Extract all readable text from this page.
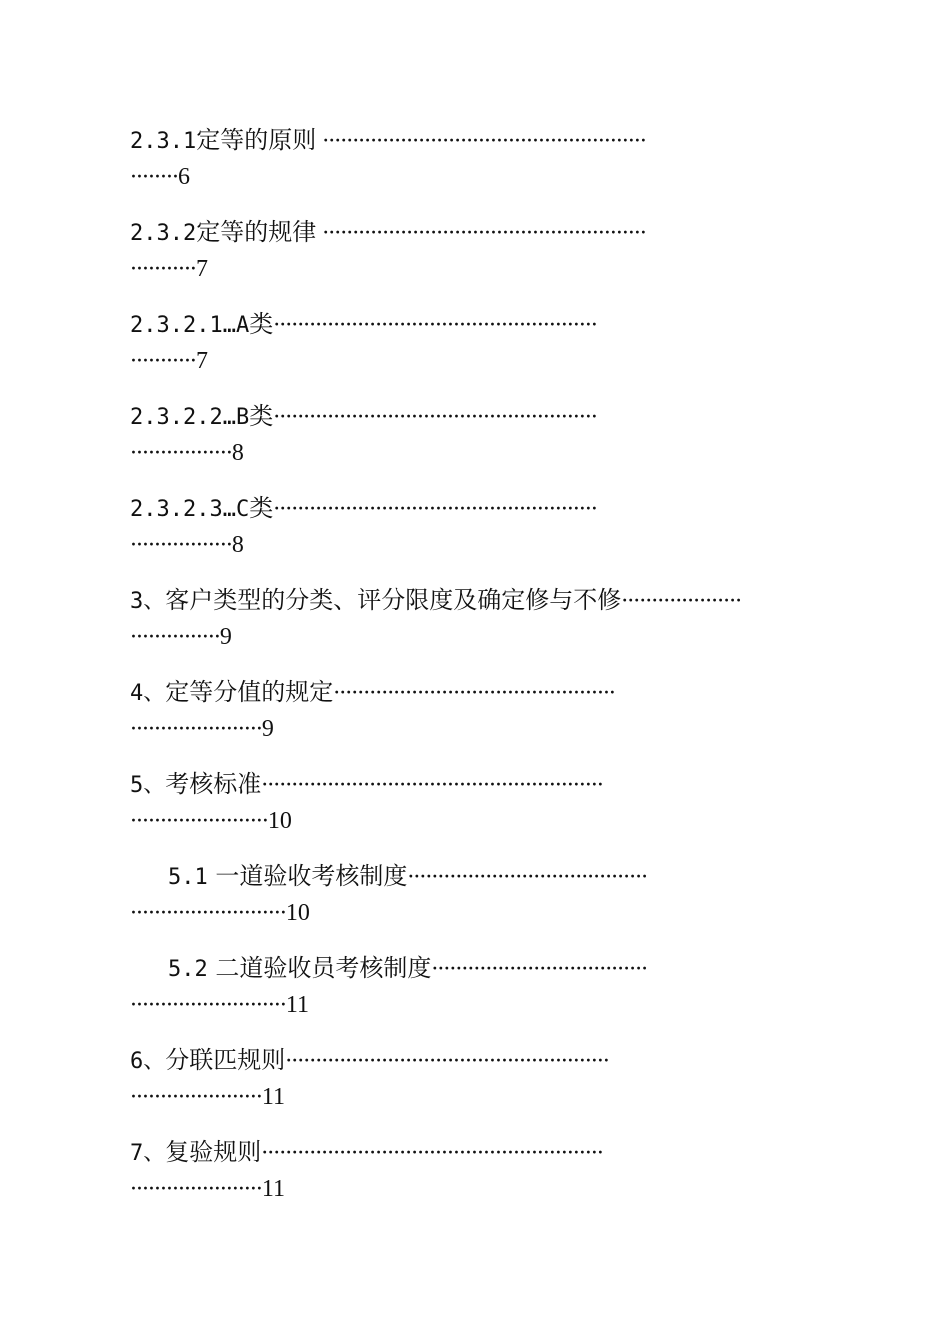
2.3.1定等的原则 ······················································
········6
2.3.2定等的规律 ······················································
···········7
2.3.2.1…A类······················································
···········7
2.3.2.2…B类······················································
·················8
2.3.2.3…C类······················································
·················8
3、客户类型的分类、评分限度及确定修与不修····················
···············9
4、定等分值的规定···············································
······················9
5、考核标准·························································
·······················10
5.1 一道验收考核制度········································
··························10
5.2 二道验收员考核制度····································
··························11
6、分联匹规则······················································
······················11
7、复验规则·························································
······················11
